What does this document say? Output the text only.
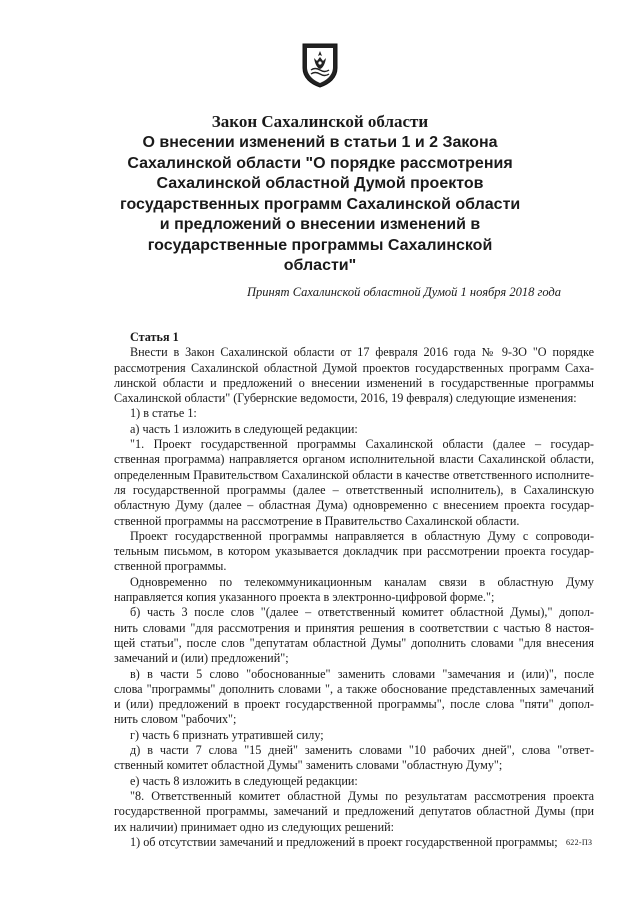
Закон Сахалинской области
О внесении изменений в статьи 1 и 2 Закона
Сахалинской области "О порядке рассмотрения
Сахалинской областной Думой проектов
государственных программ Сахалинской области
и предложений о внесении изменений в
государственные программы Сахалинской
области"
Принят Сахалинской областной Думой 1 ноября 2018 года
Статья 1
Внести в Закон Сахалинской области от 17 февраля 2016 года № 9-ЗО "О порядке
рассмотрения Сахалинской областной Думой проектов государственных программ Саха-
линской области и предложений о внесении изменений в государственные программы
Сахалинской области" (Губернские ведомости, 2016, 19 февраля) следующие изменения:
1) в статье 1:
а) часть 1 изложить в следующей редакции:
"1. Проект государственной программы Сахалинской области (далее – государ-
ственная программа) направляется органом исполнительной власти Сахалинской области,
определенным Правительством Сахалинской области в качестве ответственного исполните-
ля государственной программы (далее – ответственный исполнитель), в Сахалинскую
областную Думу (далее – областная Дума) одновременно с внесением проекта государ-
ственной программы на рассмотрение в Правительство Сахалинской области.
Проект государственной программы направляется в областную Думу с сопроводи-
тельным письмом, в котором указывается докладчик при рассмотрении проекта государ-
ственной программы.
Одновременно по телекоммуникационным каналам связи в областную Думу
направляется копия указанного проекта в электронно-цифровой форме.";
б) часть 3 после слов "(далее – ответственный комитет областной Думы)," допол-
нить словами "для рассмотрения и принятия решения в соответствии с частью 8 настоя-
щей статьи", после слов "депутатам областной Думы" дополнить словами "для внесения
замечаний и (или) предложений";
в) в части 5 слово "обоснованные" заменить словами "замечания и (или)", после
слова "программы" дополнить словами ", а также обоснование представленных замечаний
и (или) предложений в проект государственной программы", после слова "пяти" допол-
нить словом "рабочих";
г) часть 6 признать утратившей силу;
д) в части 7 слова "15 дней" заменить словами "10 рабочих дней", слова "ответ-
ственный комитет областной Думы" заменить словами "областную Думу";
е) часть 8 изложить в следующей редакции:
"8. Ответственный комитет областной Думы по результатам рассмотрения проекта
государственной программы, замечаний и предложений депутатов областной Думы (при
их наличии) принимает одно из следующих решений:
1) об отсутствии замечаний и предложений в проект государственной программы;	622-ПЗ
